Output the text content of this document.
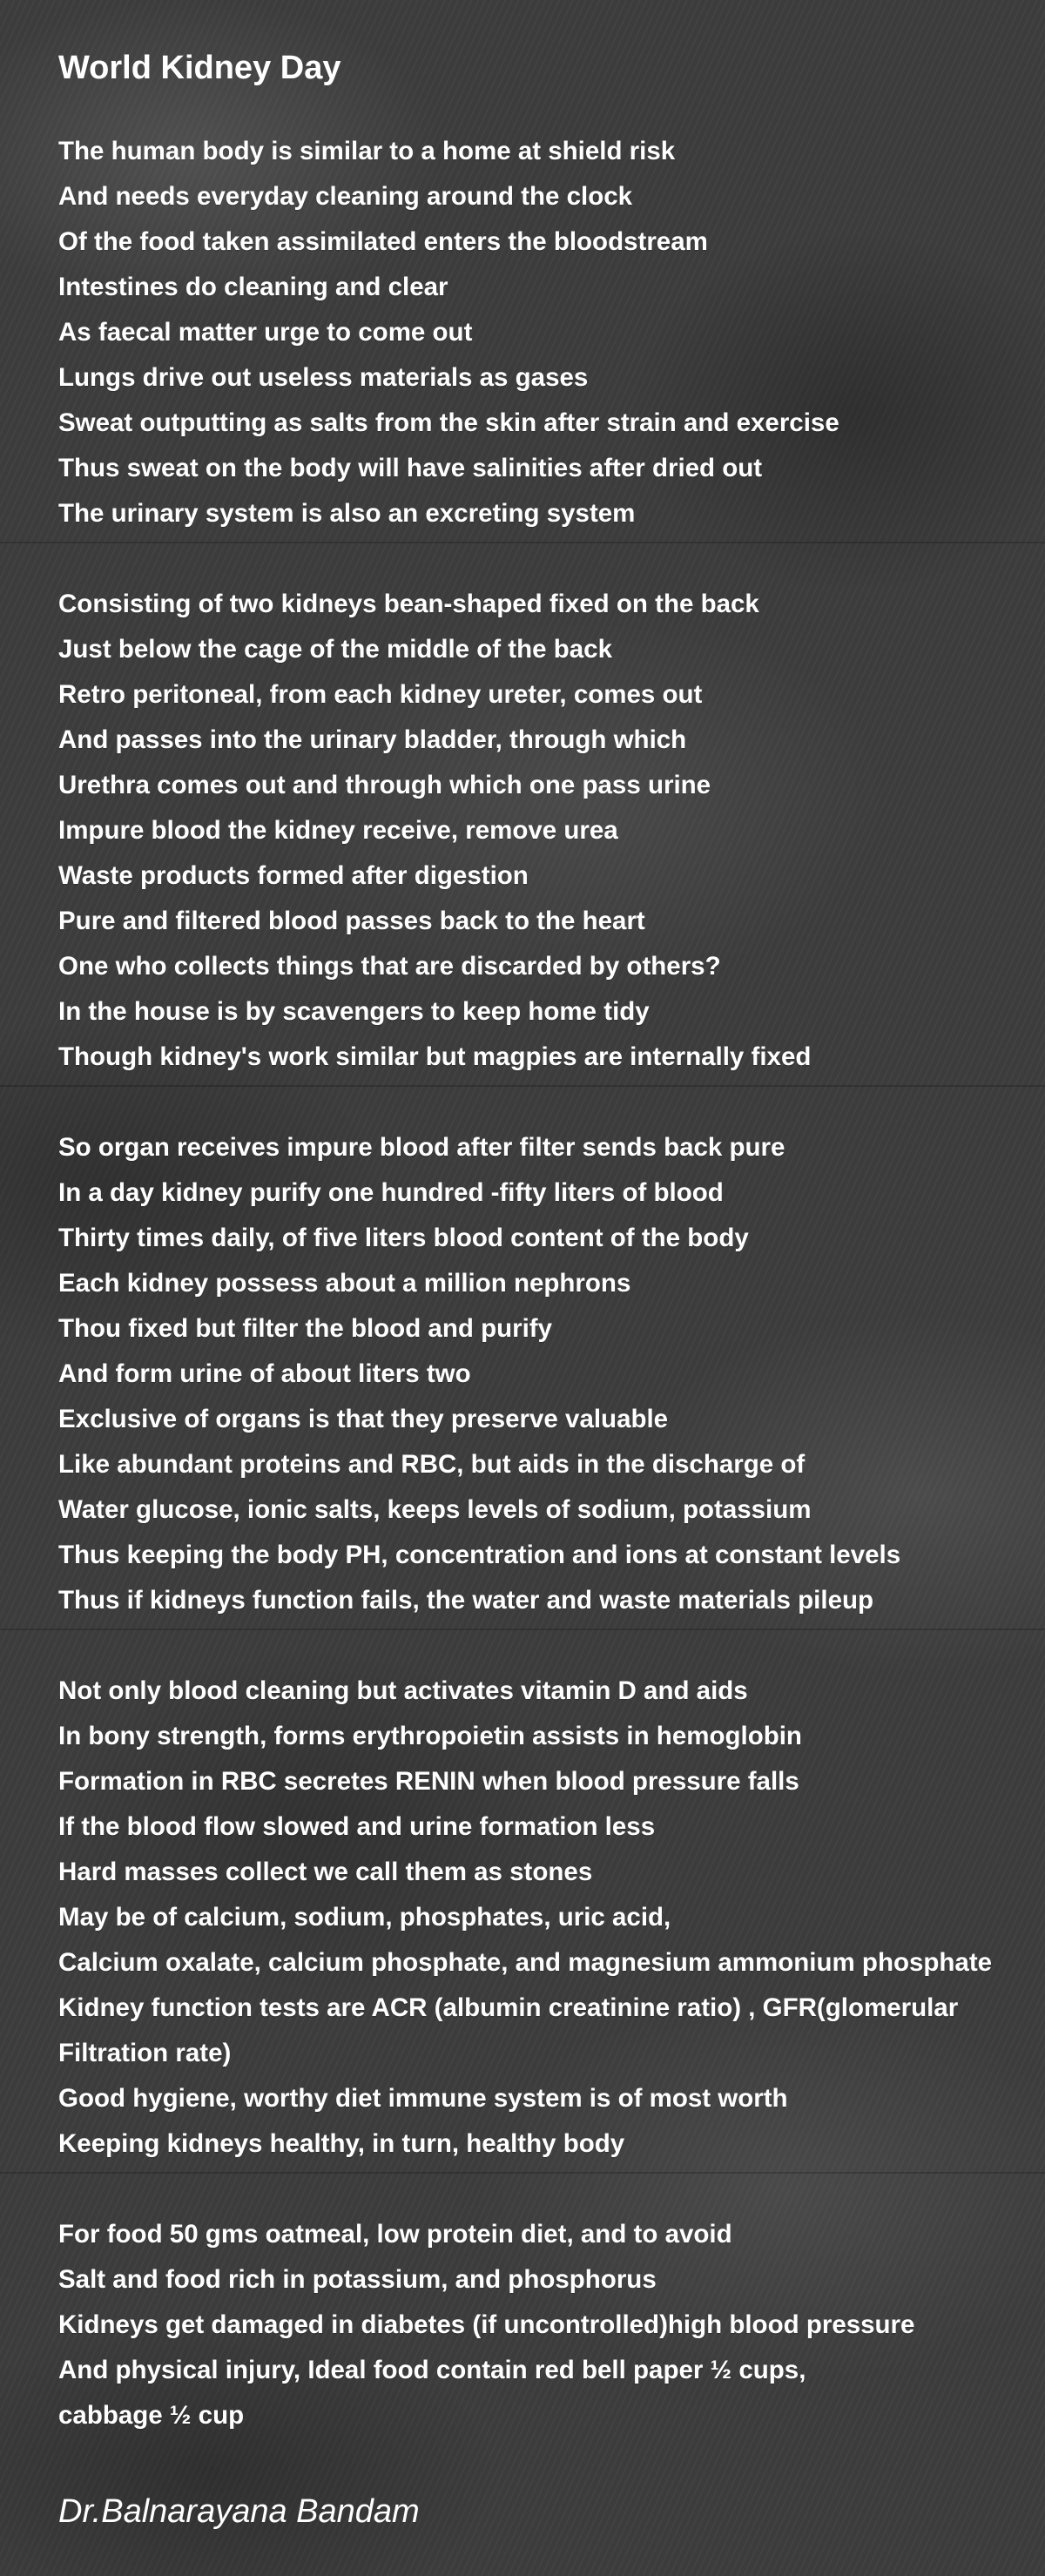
World Kidney Day
The human body is similar to a home at shield risk
And needs everyday cleaning around the clock
Of the food taken assimilated enters the bloodstream
Intestines do cleaning and clear
As faecal matter urge to come out
Lungs drive out useless materials as gases
Sweat outputting as salts from the skin after strain and exercise
Thus sweat on the body will have salinities after dried out
The urinary system is also an excreting system
Consisting of two kidneys bean-shaped fixed on the back
Just below the cage of the middle of the back
Retro peritoneal, from each kidney ureter, comes out
And passes into the urinary bladder, through which
Urethra comes out and through which one pass urine
Impure blood the kidney receive, remove urea
Waste products formed after digestion
Pure and filtered blood passes back to the heart
One who collects things that are discarded by others?
In the house is by scavengers to keep home tidy
Though kidney's work similar but magpies are internally fixed
So organ receives impure blood after filter sends back pure
In a day kidney purify one hundred -fifty liters of blood
Thirty times daily, of five liters blood content of the body
Each kidney possess about a million nephrons
Thou fixed but filter the blood and purify
And form urine of about liters two
Exclusive of organs is that they preserve valuable
Like abundant proteins and RBC, but aids in the discharge of
Water glucose, ionic salts, keeps levels of sodium, potassium
Thus keeping the body PH, concentration and ions at constant levels
Thus if kidneys function fails, the water and waste materials pileup
Not only blood cleaning but activates vitamin D and aids
In bony strength, forms erythropoietin assists in hemoglobin
Formation in RBC secretes RENIN when blood pressure falls
If the blood flow slowed and urine formation less
Hard masses collect we call them as stones
May be of calcium, sodium, phosphates, uric acid,
Calcium oxalate, calcium phosphate, and magnesium ammonium phosphate
Kidney function tests are ACR (albumin creatinine ratio) , GFR(glomerular
Filtration rate)
Good hygiene, worthy diet immune system is of most worth
Keeping kidneys healthy, in turn, healthy body
For food 50 gms oatmeal, low protein diet, and to avoid
Salt and food rich in potassium, and phosphorus
Kidneys get damaged in diabetes (if uncontrolled)high blood pressure
And physical injury, Ideal food contain red bell paper ½ cups,
cabbage ½ cup

Dr.Balnarayana Bandam
